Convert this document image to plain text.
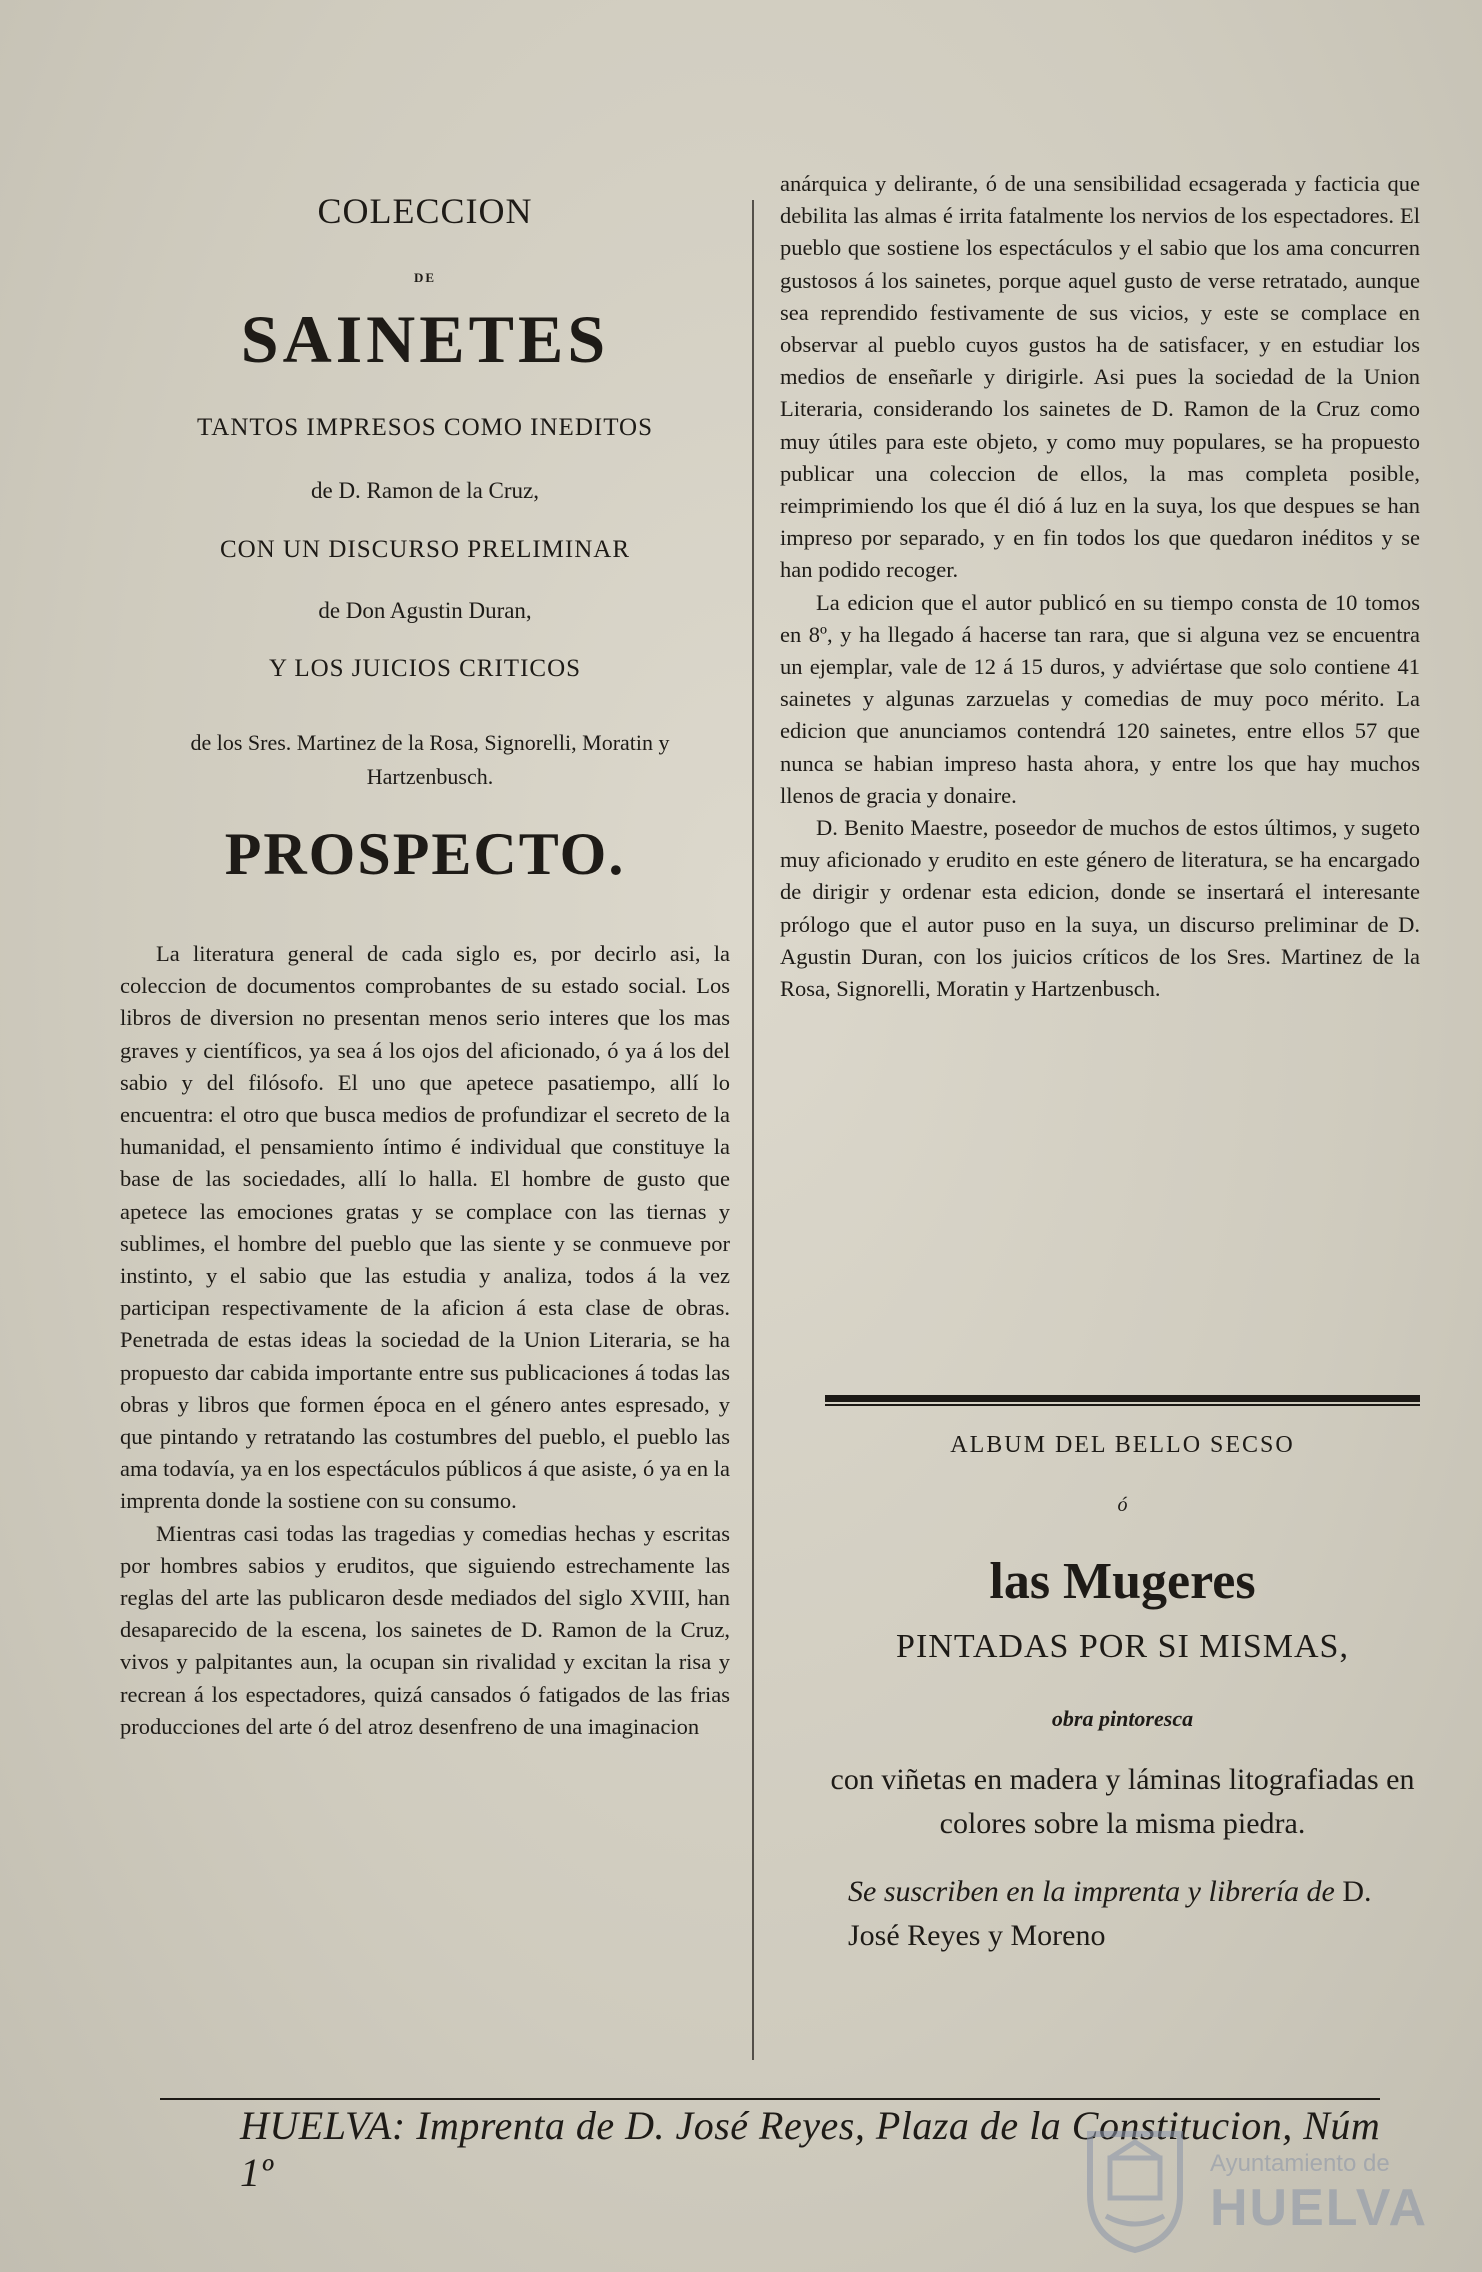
COLECCION
DE
SAINETES
TANTOS IMPRESOS COMO INEDITOS
de D. Ramon de la Cruz,
CON UN DISCURSO PRELIMINAR
de Don Agustin Duran,
Y LOS JUICIOS CRITICOS
de los Sres. Martinez de la Rosa, Signorelli, Moratin y Hartzenbusch.
PROSPECTO.

La literatura general de cada siglo es, por decirlo asi, la coleccion de documentos comprobantes de su estado social. Los libros de diversion no presentan menos serio interes que los mas graves y científicos, ya sea á los ojos del aficionado, ó ya á los del sabio y del filósofo. El uno que apetece pasatiempo, allí lo encuentra: el otro que busca medios de profundizar el secreto de la humanidad, el pensamiento íntimo é individual que constituye la base de las sociedades, allí lo halla. El hombre de gusto que apetece las emociones gratas y se complace con las tiernas y sublimes, el hombre del pueblo que las siente y se conmueve por instinto, y el sabio que las estudia y analiza, todos á la vez participan respectivamente de la aficion á esta clase de obras. Penetrada de estas ideas la sociedad de la Union Literaria, se ha propuesto dar cabida importante entre sus publicaciones á todas las obras y libros que formen época en el género antes espresado, y que pintando y retratando las costumbres del pueblo, el pueblo las ama todavía, ya en los espectáculos públicos á que asiste, ó ya en la imprenta donde la sostiene con su consumo.

Mientras casi todas las tragedias y comedias hechas y escritas por hombres sabios y eruditos, que siguiendo estrechamente las reglas del arte las publicaron desde mediados del siglo XVIII, han desaparecido de la escena, los sainetes de D. Ramon de la Cruz, vivos y palpitantes aun, la ocupan sin rivalidad y excitan la risa y recrean á los espectadores, quizá cansados ó fatigados de las frias producciones del arte ó del atroz desenfreno de una imaginacion

anárquica y delirante, ó de una sensibilidad ecsagerada y facticia que debilita las almas é irrita fatalmente los nervios de los espectadores. El pueblo que sostiene los espectáculos y el sabio que los ama concurren gustosos á los sainetes, porque aquel gusto de verse retratado, aunque sea reprendido festivamente de sus vicios, y este se complace en observar al pueblo cuyos gustos ha de satisfacer, y en estudiar los medios de enseñarle y dirigirle. Asi pues la sociedad de la Union Literaria, considerando los sainetes de D. Ramon de la Cruz como muy útiles para este objeto, y como muy populares, se ha propuesto publicar una coleccion de ellos, la mas completa posible, reimprimiendo los que él dió á luz en la suya, los que despues se han impreso por separado, y en fin todos los que quedaron inéditos y se han podido recoger.

La edicion que el autor publicó en su tiempo consta de 10 tomos en 8º, y ha llegado á hacerse tan rara, que si alguna vez se encuentra un ejemplar, vale de 12 á 15 duros, y adviértase que solo contiene 41 sainetes y algunas zarzuelas y comedias de muy poco mérito. La edicion que anunciamos contendrá 120 sainetes, entre ellos 57 que nunca se habian impreso hasta ahora, y entre los que hay muchos llenos de gracia y donaire.

D. Benito Maestre, poseedor de muchos de estos últimos, y sugeto muy aficionado y erudito en este género de literatura, se ha encargado de dirigir y ordenar esta edicion, donde se insertará el interesante prólogo que el autor puso en la suya, un discurso preliminar de D. Agustin Duran, con los juicios críticos de los Sres. Martinez de la Rosa, Signorelli, Moratin y Hartzenbusch.

ALBUM DEL BELLO SECSO
ó
las Mugeres
PINTADAS POR SI MISMAS,
obra pintoresca
con viñetas en madera y láminas litografiadas en colores sobre la misma piedra.
Se suscriben en la imprenta y librería de D. José Reyes y Moreno
HUELVA: Imprenta de D. José Reyes, Plaza de la Constitucion, Núm 1º	Ayuntamiento de
HUELVA
